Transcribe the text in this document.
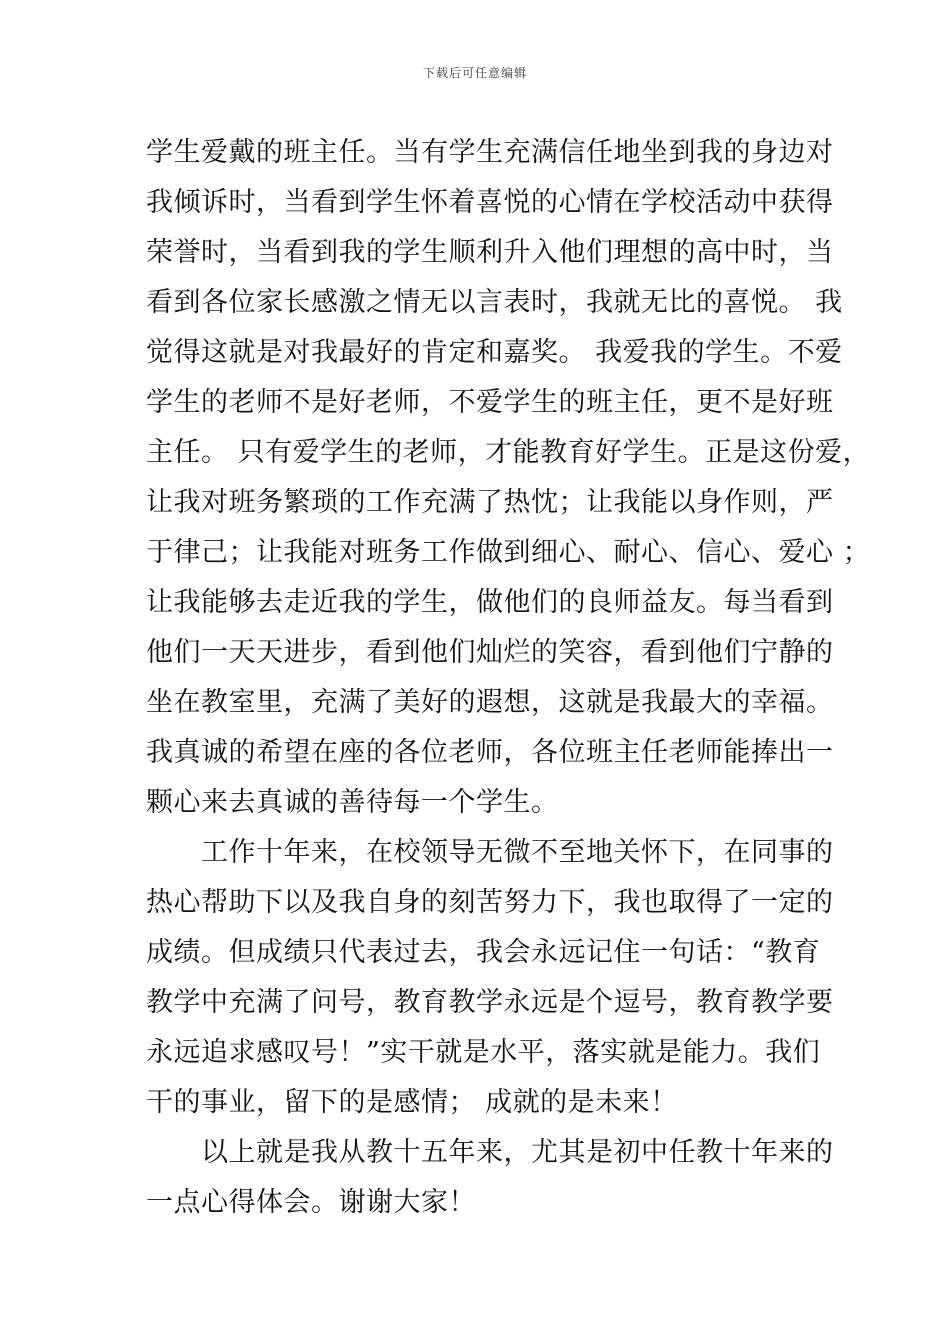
下载后可任意编辑
学生爱戴的班主任。当有学生充满信任地坐到我的身边对
我倾诉时，当看到学生怀着喜悦的心情在学校活动中获得
荣誉时，当看到我的学生顺利升入他们理想的高中时，当
看到各位家长感激之情无以言表时，我就无比的喜悦。 我
觉得这就是对我最好的肯定和嘉奖。 我爱我的学生。不爱
学生的老师不是好老师，不爱学生的班主任，更不是好班
主任。 只有爱学生的老师，才能教育好学生。正是这份爱，
让我对班务繁琐的工作充满了热忱；让我能以身作则，严
于律己；让我能对班务工作做到细心、耐心、信心、爱心 ；
让我能够去走近我的学生，做他们的良师益友。每当看到
他们一天天进步，看到他们灿烂的笑容，看到他们宁静的
坐在教室里，充满了美好的遐想，这就是我最大的幸福。
我真诚的希望在座的各位老师，各位班主任老师能捧出一
颗心来去真诚的善待每一个学生。
　　工作十年来，在校领导无微不至地关怀下，在同事的
热心帮助下以及我自身的刻苦努力下，我也取得了一定的
成绩。但成绩只代表过去，我会永远记住一句话：“教育
教学中充满了问号，教育教学永远是个逗号，教育教学要
永远追求感叹号！”实干就是水平，落实就是能力。我们
干的事业，留下的是感情； 成就的是未来！
　　以上就是我从教十五年来，尤其是初中任教十年来的
一点心得体会。谢谢大家！
